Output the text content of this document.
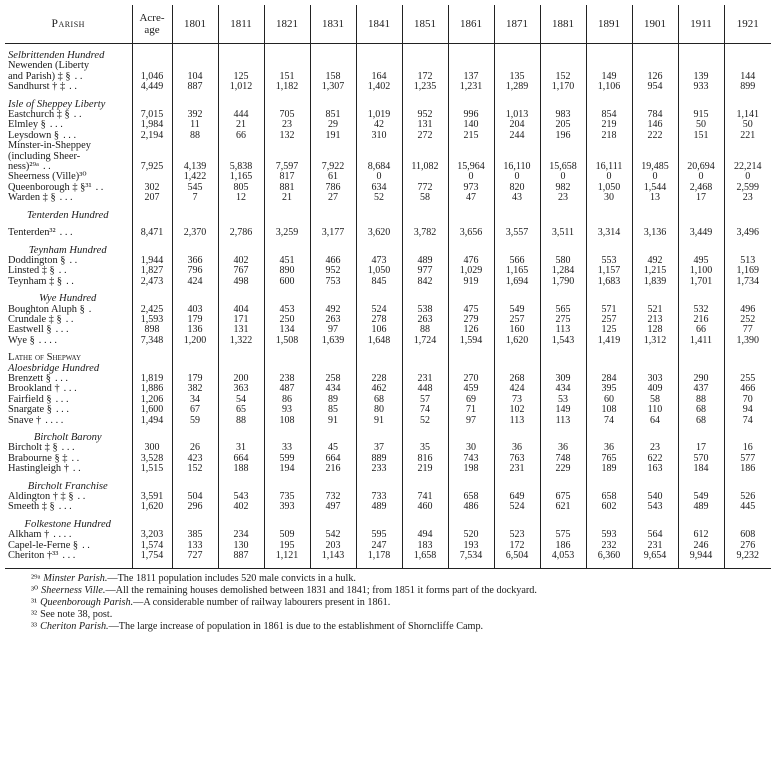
Parish	Acre-
age	1801	1811	1821	1831	1841	1851	1861	1871	1881	1891	1901	1911	1921

Selbrittenden Hundred														
Newenden (Liberty														
and Parish) ‡ § . .	1,046	104	125	151	158	164	172	137	135	152	149	126	139	144
Sandhurst † ‡ . .	4,449	887	1,012	1,182	1,307	1,402	1,235	1,231	1,289	1,170	1,106	954	933	899

Isle of Sheppey Liberty														
Eastchurch ‡ § . .	7,015	392	444	705	851	1,019	952	996	1,013	983	854	784	915	1,141
Elmley § . . .	1,984	11	21	23	29	42	131	140	204	205	219	146	50	50
Leysdown § . . .	2,194	88	66	132	191	310	272	215	244	196	218	222	151	221
Minster-in-Sheppey														
(including Sheer-														
ness)²⁹ᵃ . .	7,925	4,139	5,838	7,597	7,922	8,684	11,082	15,964	16,110	15,658	16,111	19,485	20,694	22,214
Sheerness (Ville)³⁰		1,422	1,165	817	61	0		0	0	0	0	0	0	0
Queenborough ‡ §³¹ . .	302	545	805	881	786	634	772	973	820	982	1,050	1,544	2,468	2,599
Warden ‡ § . . .	207	7	12	21	27	52	58	47	43	23	30	13	17	23

Tenterden Hundred														

Tenterden³² . . .	8,471	2,370	2,786	3,259	3,177	3,620	3,782	3,656	3,557	3,511	3,314	3,136	3,449	3,496

Teynham Hundred														
Doddington § . .	1,944	366	402	451	466	473	489	476	566	580	553	492	495	513
Linsted ‡ § . .	1,827	796	767	890	952	1,050	977	1,029	1,165	1,284	1,157	1,215	1,100	1,169
Teynham ‡ § . .	2,473	424	498	600	753	845	842	919	1,694	1,790	1,683	1,839	1,701	1,734

Wye Hundred														
Boughton Aluph § .	2,425	403	404	453	492	524	538	475	549	565	571	521	532	496
Crundale ‡ § . .	1,593	179	171	250	263	278	263	279	257	275	257	213	216	252
Eastwell § . . .	898	136	131	134	97	106	88	126	160	113	125	128	66	77
Wye § . . . .	7,348	1,200	1,322	1,508	1,639	1,648	1,724	1,594	1,620	1,543	1,419	1,312	1,411	1,390

Lathe of Shepway														
Aloesbridge Hundred														
Brenzett § . . .	1,819	179	200	238	258	228	231	270	268	309	284	303	290	255
Brookland † . . .	1,886	382	363	487	434	462	448	459	424	434	395	409	437	466
Fairfield § . . .	1,206	34	54	86	89	68	57	69	73	53	60	58	88	70
Snargate § . . .	1,600	67	65	93	85	80	74	71	102	149	108	110	68	94
Snave † . . . .	1,494	59	88	108	91	91	52	97	113	113	74	64	68	74

Bircholt Barony														
Bircholt ‡ § . . .	300	26	31	33	45	37	35	30	36	36	36	23	17	16
Brabourne § ‡ . .	3,528	423	664	599	664	889	816	743	763	748	765	622	570	577
Hastingleigh † . .	1,515	152	188	194	216	233	219	198	231	229	189	163	184	186

Bircholt Franchise														
Aldington † ‡ § . .	3,591	504	543	735	732	733	741	658	649	675	658	540	549	526
Smeeth ‡ § . . .	1,620	296	402	393	497	489	460	486	524	621	602	543	489	445

Folkestone Hundred														
Alkham † . . . .	3,203	385	234	509	542	595	494	520	523	575	593	564	612	608
Capel-le-Ferne § . .	1,574	133	130	195	203	247	183	193	172	186	232	231	246	276
Cheriton †³³ . . .	1,754	727	887	1,121	1,143	1,178	1,658	7,534	6,504	4,053	6,360	9,654	9,944	9,232

²⁹ᵃ Minster Parish.—The 1811 population includes 520 male convicts in a hulk.
³⁰ Sheerness Ville.—All the remaining houses demolished between 1831 and 1841; from 1851 it forms part of the dockyard.
³¹ Queenborough Parish.—A considerable number of railway labourers present in 1861.
³² See note 38, post.
³³ Cheriton Parish.—The large increase of population in 1861 is due to the establishment of Shorncliffe Camp.
